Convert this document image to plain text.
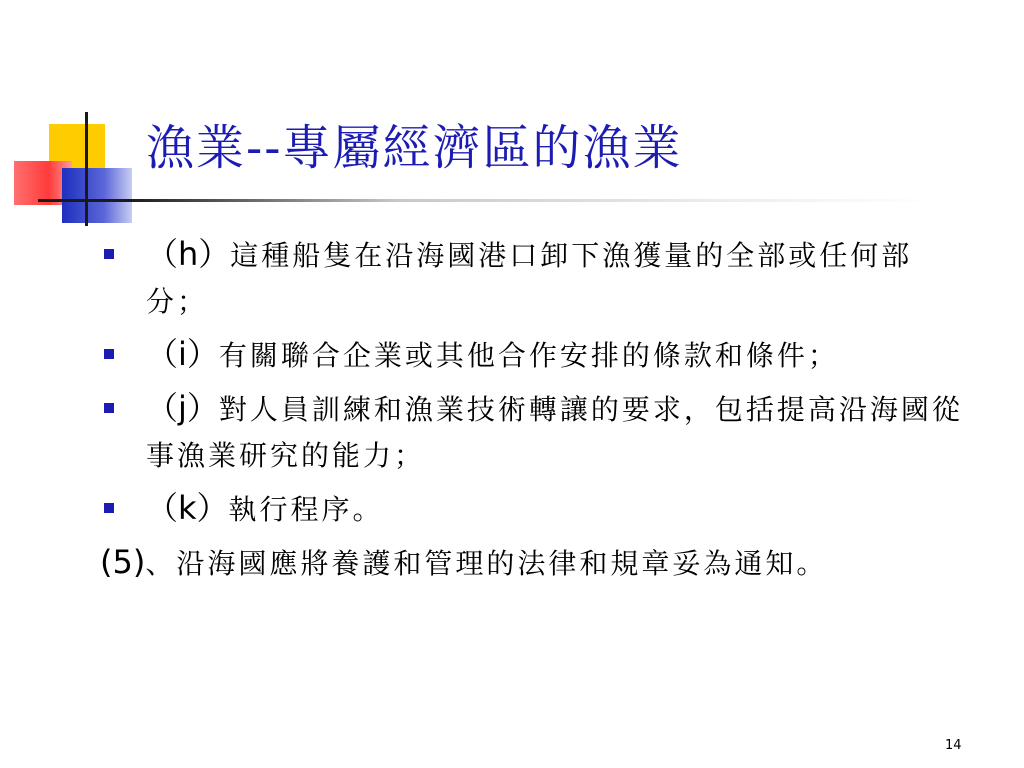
漁業--專屬經濟區的漁業
（h）這種船隻在沿海國港口卸下漁獲量的全部或任何部分；
（i）有關聯合企業或其他合作安排的條款和條件；
（j）對人員訓練和漁業技術轉讓的要求，包括提高沿海國從事漁業研究的能力；
（k）執行程序。
(5)、沿海國應將養護和管理的法律和規章妥為通知。
14
